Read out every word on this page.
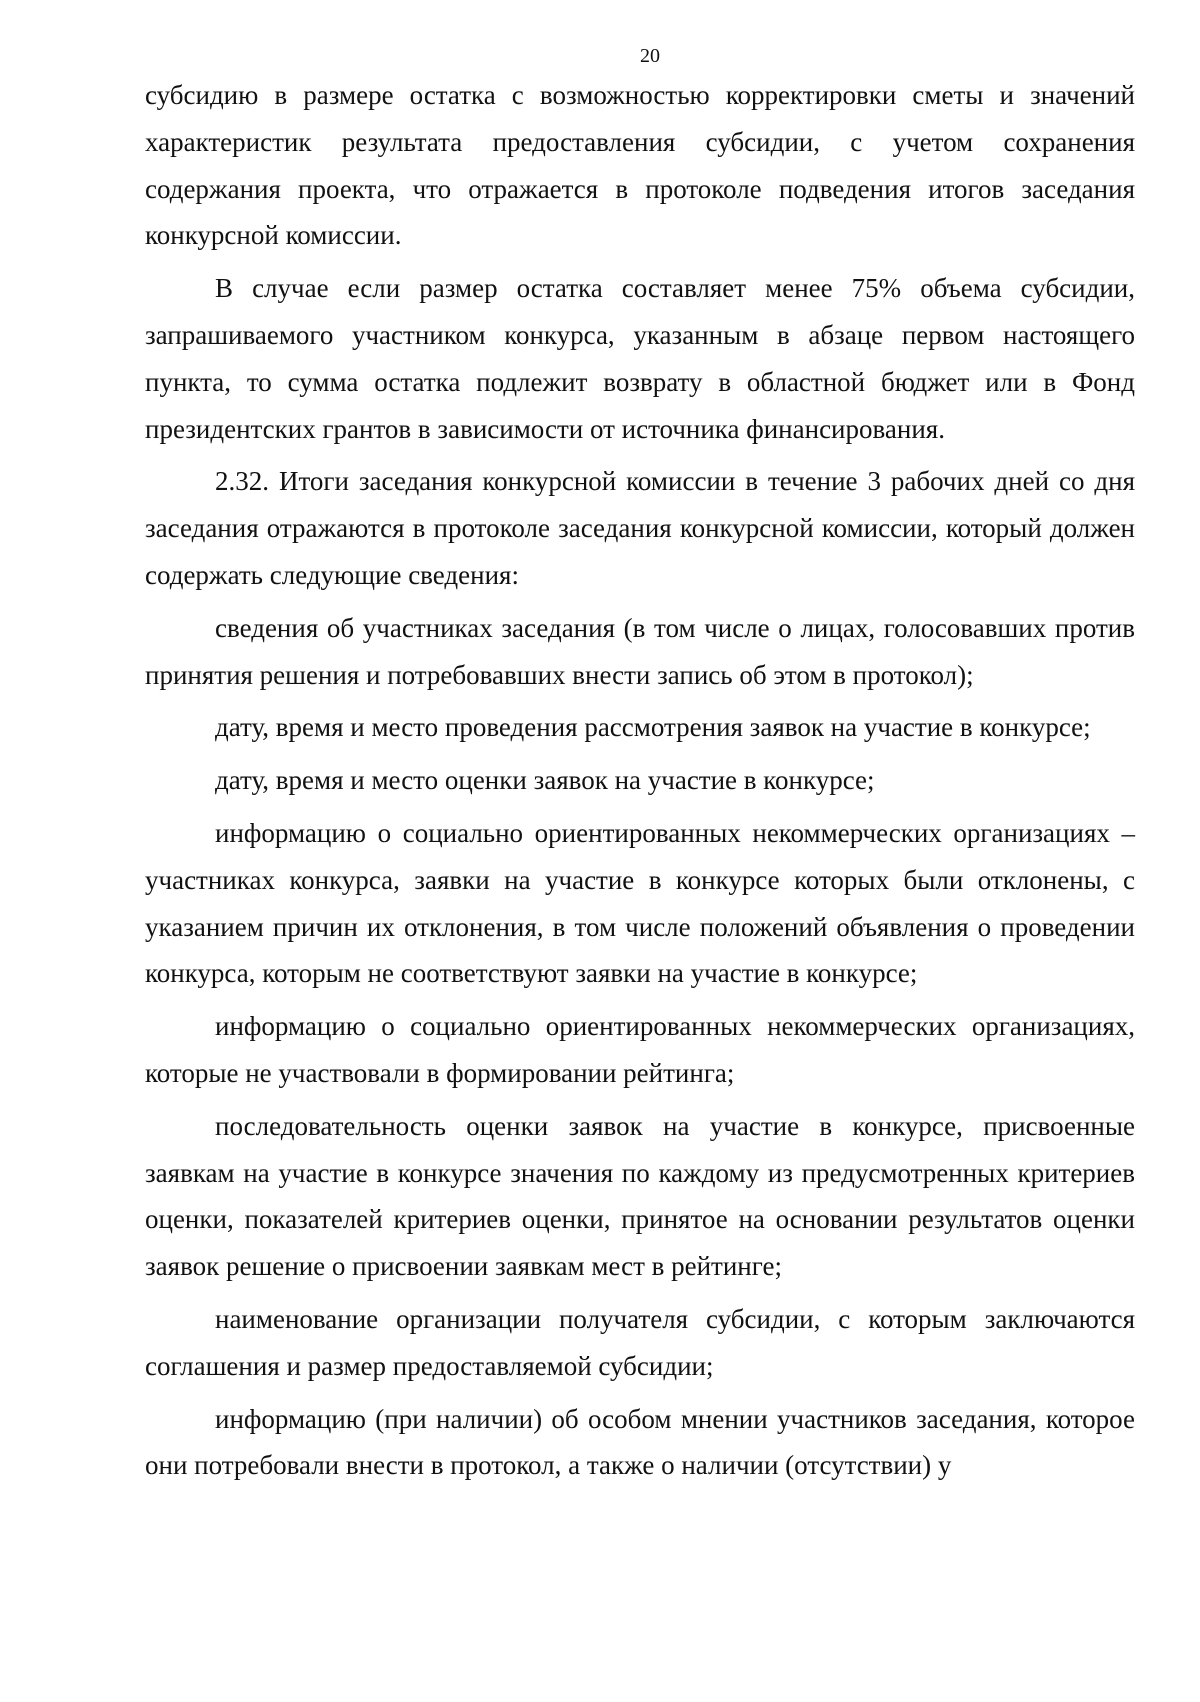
20

субсидию в размере остатка с возможностью корректировки сметы и значений характеристик результата предоставления субсидии, с учетом сохранения содержания проекта, что отражается в протоколе подведения итогов заседания конкурсной комиссии.

В случае если размер остатка составляет менее 75% объема субсидии, запрашиваемого участником конкурса, указанным в абзаце первом настоящего пункта, то сумма остатка подлежит возврату в областной бюджет или в Фонд президентских грантов в зависимости от источника финансирования.

2.32. Итоги заседания конкурсной комиссии в течение 3 рабочих дней со дня заседания отражаются в протоколе заседания конкурсной комиссии, который должен содержать следующие сведения:

сведения об участниках заседания (в том числе о лицах, голосовавших против принятия решения и потребовавших внести запись об этом в протокол);

дату, время и место проведения рассмотрения заявок на участие в конкурсе;

дату, время и место оценки заявок на участие в конкурсе;

информацию о социально ориентированных некоммерческих организациях – участниках конкурса, заявки на участие в конкурсе которых были отклонены, с указанием причин их отклонения, в том числе положений объявления о проведении конкурса, которым не соответствуют заявки на участие в конкурсе;

информацию о социально ориентированных некоммерческих организациях, которые не участвовали в формировании рейтинга;

последовательность оценки заявок на участие в конкурсе, присвоенные заявкам на участие в конкурсе значения по каждому из предусмотренных критериев оценки, показателей критериев оценки, принятое на основании результатов оценки заявок решение о присвоении заявкам мест в рейтинге;

наименование организации получателя субсидии, с которым заключаются соглашения и размер предоставляемой субсидии;

информацию (при наличии) об особом мнении участников заседания, которое они потребовали внести в протокол, а также о наличии (отсутствии) у
